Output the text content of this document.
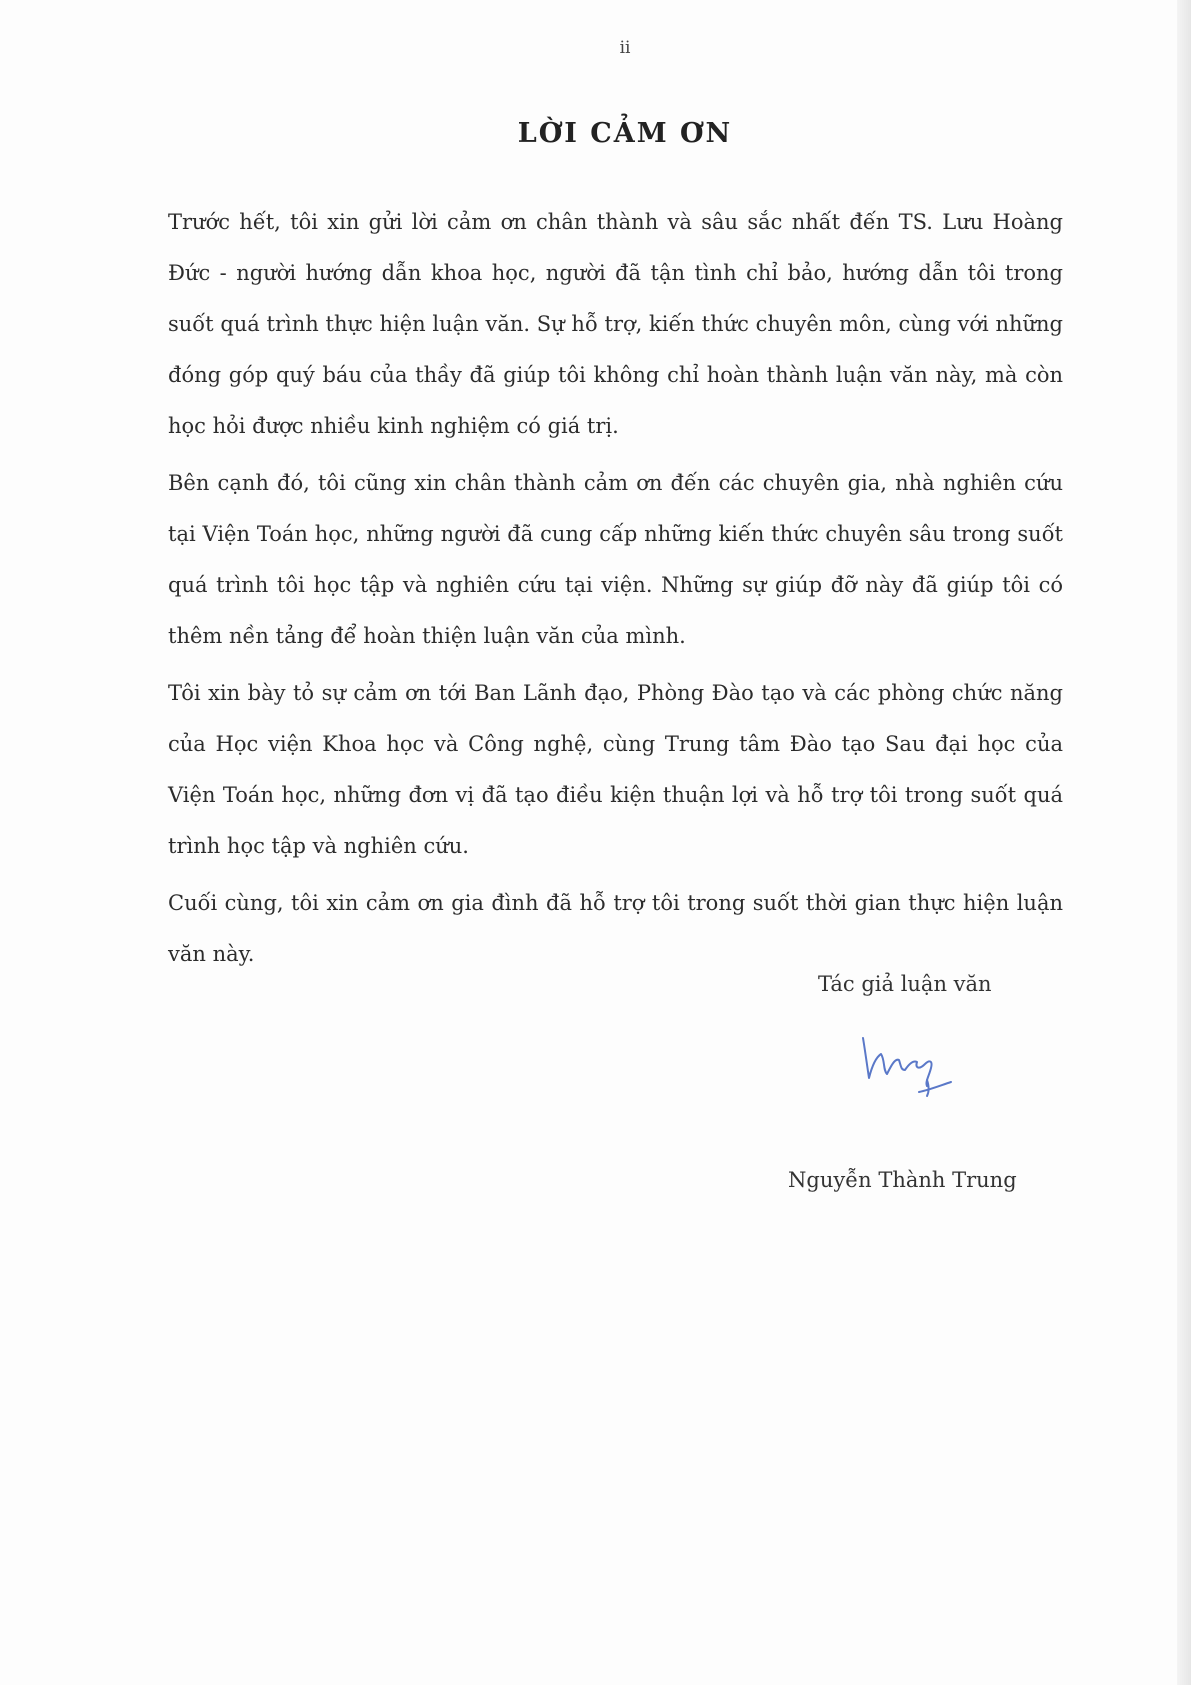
ii
LỜI CẢM ƠN

Trước hết, tôi xin gửi lời cảm ơn chân thành và sâu sắc nhất đến TS. Lưu Hoàng Đức - người hướng dẫn khoa học, người đã tận tình chỉ bảo, hướng dẫn tôi trong suốt quá trình thực hiện luận văn. Sự hỗ trợ, kiến thức chuyên môn, cùng với những đóng góp quý báu của thầy đã giúp tôi không chỉ hoàn thành luận văn này, mà còn học hỏi được nhiều kinh nghiệm có giá trị.

Bên cạnh đó, tôi cũng xin chân thành cảm ơn đến các chuyên gia, nhà nghiên cứu tại Viện Toán học, những người đã cung cấp những kiến thức chuyên sâu trong suốt quá trình tôi học tập và nghiên cứu tại viện. Những sự giúp đỡ này đã giúp tôi có thêm nền tảng để hoàn thiện luận văn của mình.

Tôi xin bày tỏ sự cảm ơn tới Ban Lãnh đạo, Phòng Đào tạo và các phòng chức năng của Học viện Khoa học và Công nghệ, cùng Trung tâm Đào tạo Sau đại học của Viện Toán học, những đơn vị đã tạo điều kiện thuận lợi và hỗ trợ tôi trong suốt quá trình học tập và nghiên cứu.

Cuối cùng, tôi xin cảm ơn gia đình đã hỗ trợ tôi trong suốt thời gian thực hiện luận văn này.

Tác giả luận văn
Nguyễn Thành Trung
